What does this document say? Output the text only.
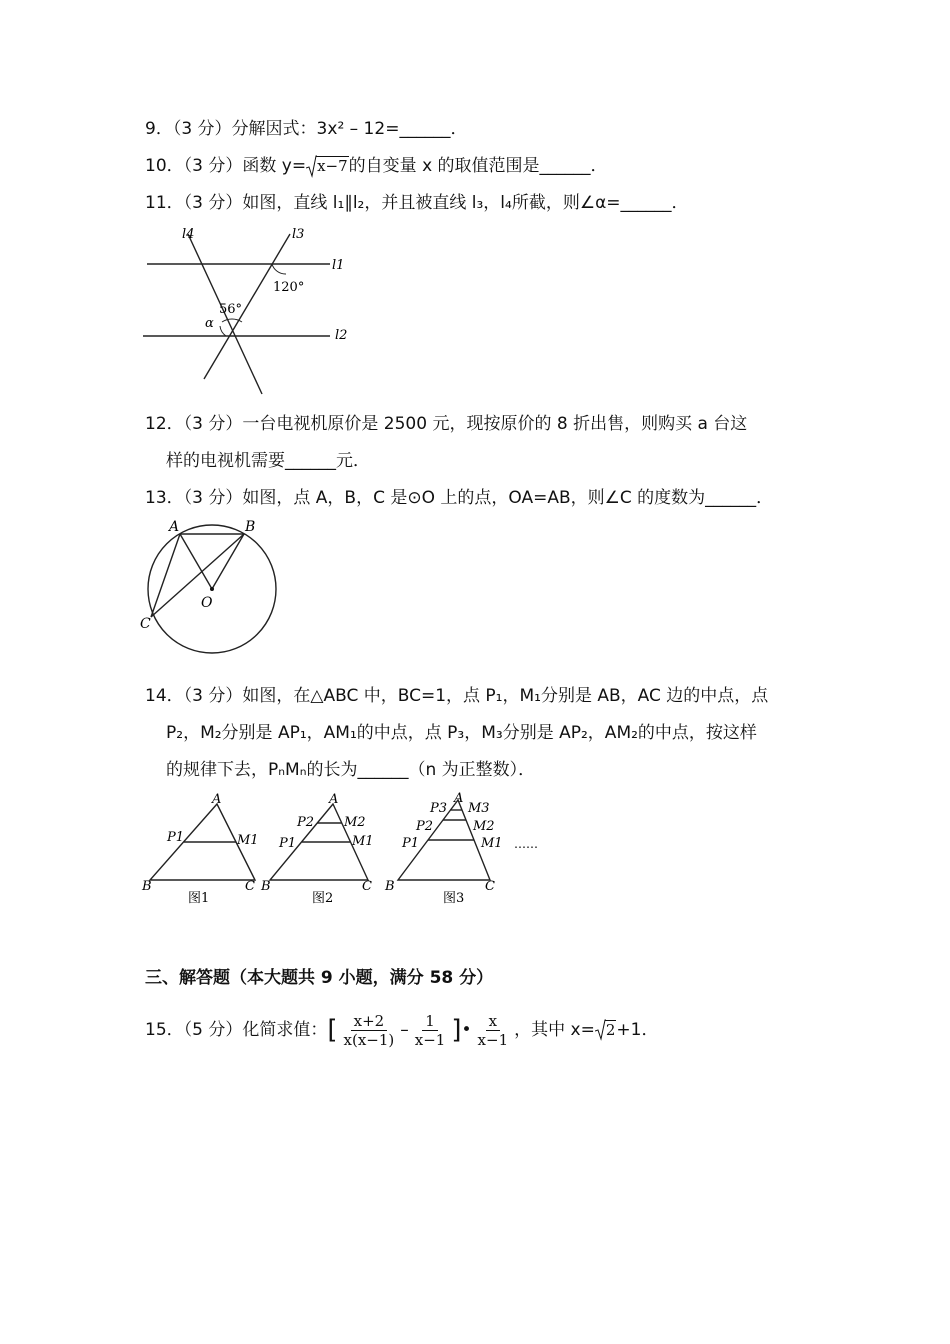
9．（3 分）分解因式：3x² – 12=______．
10．（3 分）函数 y= x−7的自变量 x 的取值范围是______．
11．（3 分）如图，直线 l₁∥l₂，并且被直线 l₃，l₄所截，则∠α=______．
l4	l3
l1
l2
120°
56°
α
12．（3 分）一台电视机原价是 2500 元，现按原价的 8 折出售，则购买 a 台这
样的电视机需要______元．
13．（3 分）如图，点 A，B，C 是⊙O 上的点，OA=AB，则∠C 的度数为______．
A	B
C
O
14．（3 分）如图，在△ABC 中，BC=1，点 P₁，M₁分别是 AB，AC 边的中点，点
P₂，M₂分别是 AP₁，AM₁的中点，点 P₃，M₃分别是 AP₂，AM₂的中点，按这样
的规律下去，PₙMₙ的长为______（n 为正整数）．
A
P1	M1
B	C
图1
A
P2 M2
P1	M1
B	C
图2
A
P3 M3
P2	M2
P1	M1
B	C
图3
……
三、解答题（本大题共 9 小题，满分 58 分）
15．（5 分）化简求值：[ $\frac{x+2}{x(x-1)} - \frac{1}{x-1}$ ]• $\frac{x}{x-1}$ ，其中 x= 2+1．
